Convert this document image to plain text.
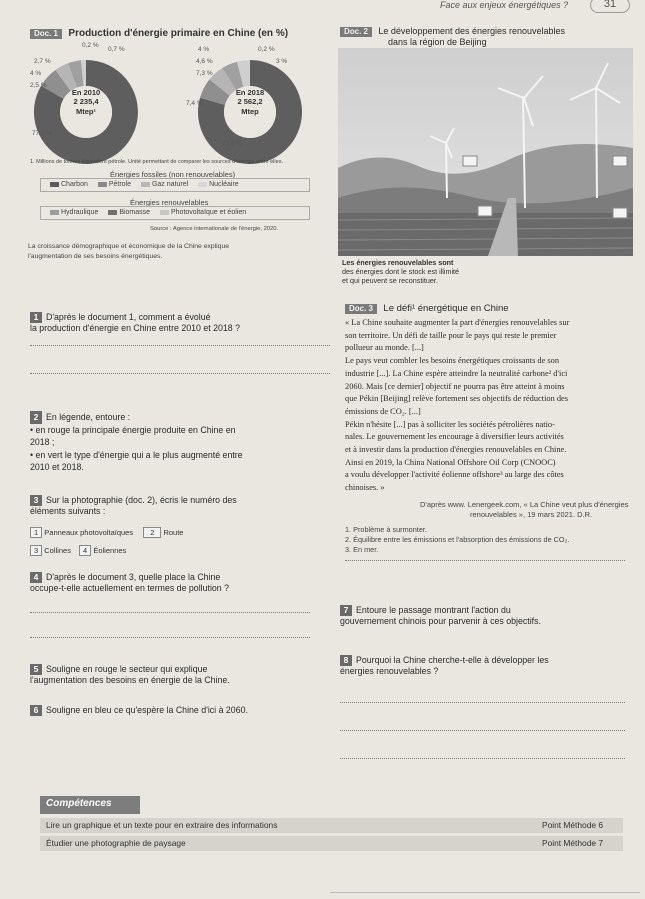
Face aux enjeux énergétiques ?	31
Doc. 1 Production d'énergie primaire en Chine (en %)
En 2010
2 235,4 Mtep¹
En 2018
2 562,2 Mtep
0,2 %
0,7 %
2,7 %
4 %
2,5 %
77,1 %
4 %	0,2 %
4,6 %	3 %
7,3 %
7,4 %
72,6 %
1. Millions de tonnes équivalent pétrole. Unité permettant de comparer les sources d'énergie entre elles.
Énergies fossiles (non renouvelables)
Charbon	Pétrole	Gaz naturel	Nucléaire
Énergies renouvelables
Hydraulique	Biomasse	Photovoltaïque et éolien
Source : Agence internationale de l'énergie, 2020.
La croissance démographique et économique de la Chine explique
l'augmentation de ses besoins énergétiques.
Doc. 2 Le développement des énergies renouvelables
dans la région de Beijing
Les énergies renouvelables sont
des énergies dont le stock est illimité
et qui peuvent se reconstituer.
Doc. 3 Le défi¹ énergétique en Chine
« La Chine souhaite augmenter la part d'énergies renouvelables sur
son territoire. Un défi de taille pour le pays qui reste le premier
pollueur au monde. [...]
Le pays veut combler les besoins énergétiques croissants de son
industrie [...]. La Chine espère atteindre la neutralité carbone² d'ici
2060. Mais [ce dernier] objectif ne pourra pas être atteint à moins
que Pékin [Beijing] relève fortement ses objectifs de réduction des
émissions de CO₂. [...]
Pékin n'hésite [...] pas à solliciter les sociétés pétrolières natio-
nales. Le gouvernement les encourage à diversifier leurs activités
et à investir dans la production d'énergies renouvelables en Chine.
Ainsi en 2019, la China National Offshore Oil Corp (CNOOC)
a voulu développer l'activité éolienne offshore³ au large des côtes
chinoises. »
D'après www. Lenergeek.com, « La Chine veut plus d'énergies
renouvelables », 19 mars 2021. D.R.
1. Problème à surmonter.
2. Équilibre entre les émissions et l'absorption des émissions de CO₂.
3. En mer.
1 D'après le document 1, comment a évolué
la production d'énergie en Chine entre 2010 et 2018 ?
2 En légende, entoure :
• en rouge la principale énergie produite en Chine en
2018 ;
• en vert le type d'énergie qui a le plus augmenté entre
2010 et 2018.
3 Sur la photographie (doc. 2), écris le numéro des
éléments suivants :
1 Panneaux photovoltaïques 2 Route
3 Collines 4 Éoliennes
4 D'après le document 3, quelle place la Chine
occupe-t-elle actuellement en termes de pollution ?
5 Souligne en rouge le secteur qui explique
l'augmentation des besoins en énergie de la Chine.
6 Souligne en bleu ce qu'espère la Chine d'ici à 2060.
7 Entoure le passage montrant l'action du
gouvernement chinois pour parvenir à ces objectifs.
8 Pourquoi la Chine cherche-t-elle à développer les
énergies renouvelables ?
Compétences
Lire un graphique et un texte pour en extraire des informations	Point Méthode 6
Étudier une photographie de paysage	Point Méthode 7
